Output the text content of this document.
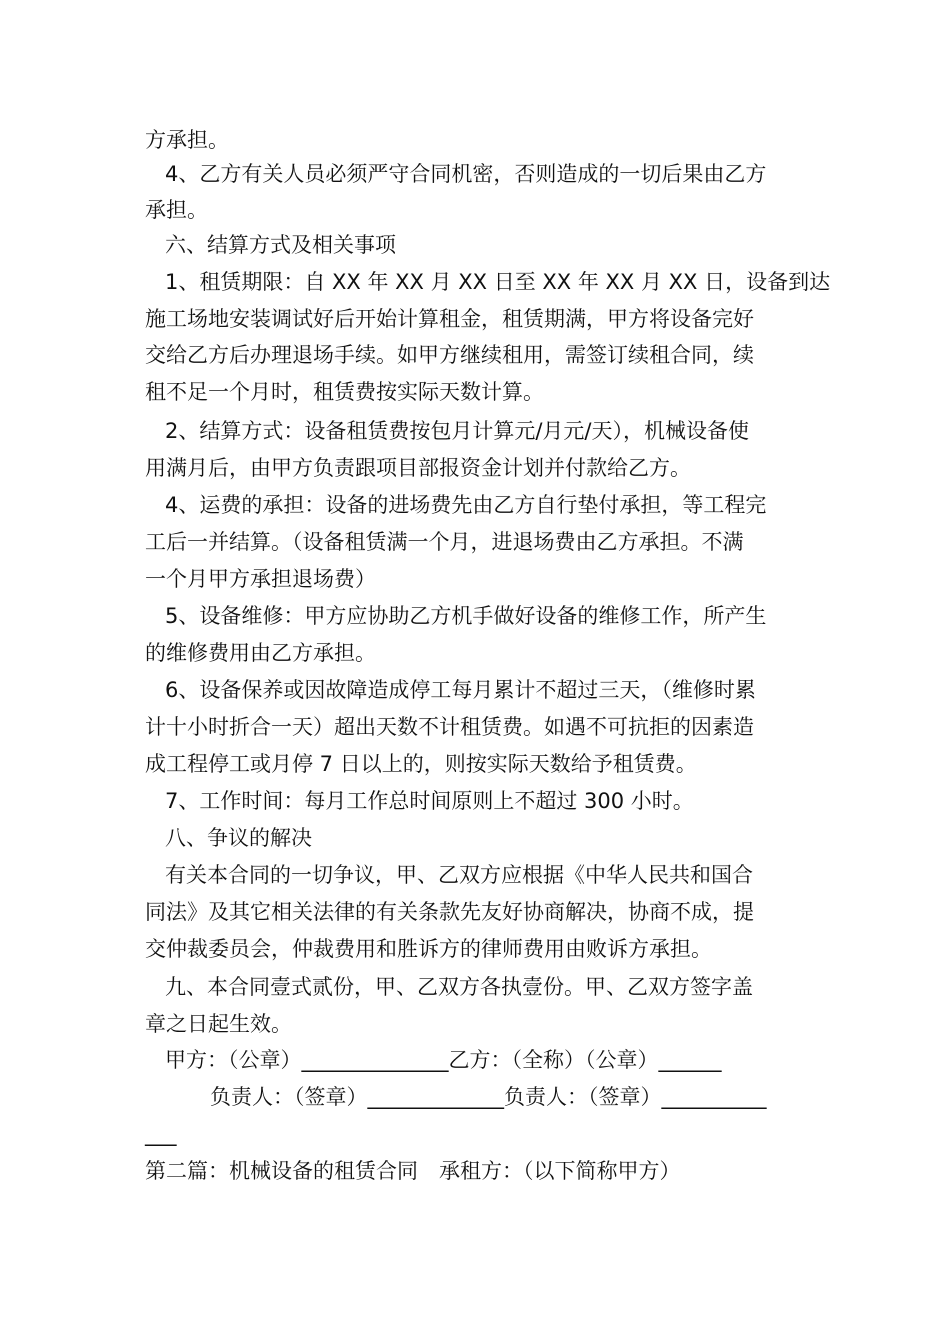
方承担。
4、乙方有关人员必须严守合同机密，否则造成的一切后果由乙方
承担。
六、结算方式及相关事项
1、租赁期限：自 XX 年 XX 月 XX 日至 XX 年 XX 月 XX 日，设备到达
施工场地安装调试好后开始计算租金，租赁期满，甲方将设备完好
交给乙方后办理退场手续。如甲方继续租用，需签订续租合同，续
租不足一个月时，租赁费按实际天数计算。
2、结算方式：设备租赁费按包月计算元/月元/天），机械设备使
用满月后，由甲方负责跟项目部报资金计划并付款给乙方。
4、运费的承担：设备的进场费先由乙方自行垫付承担，等工程完
工后一并结算。（设备租赁满一个月，进退场费由乙方承担。不满
一个月甲方承担退场费）
5、设备维修：甲方应协助乙方机手做好设备的维修工作，所产生
的维修费用由乙方承担。
6、设备保养或因故障造成停工每月累计不超过三天，（维修时累
计十小时折合一天）超出天数不计租赁费。如遇不可抗拒的因素造
成工程停工或月停 7 日以上的，则按实际天数给予租赁费。
7、工作时间：每月工作总时间原则上不超过 300 小时。
八、争议的解决
有关本合同的一切争议，甲、乙双方应根据《中华人民共和国合
同法》及其它相关法律的有关条款先友好协商解决，协商不成，提
交仲裁委员会，仲裁费用和胜诉方的律师费用由败诉方承担。
九、本合同壹式贰份，甲、乙双方各执壹份。甲、乙双方签字盖
章之日起生效。
甲方：（公章）______________乙方：（全称）（公章）______
负责人：（签章）_____________负责人：（签章）__________
___
第二篇：机械设备的租赁合同　承租方：（以下简称甲方）
